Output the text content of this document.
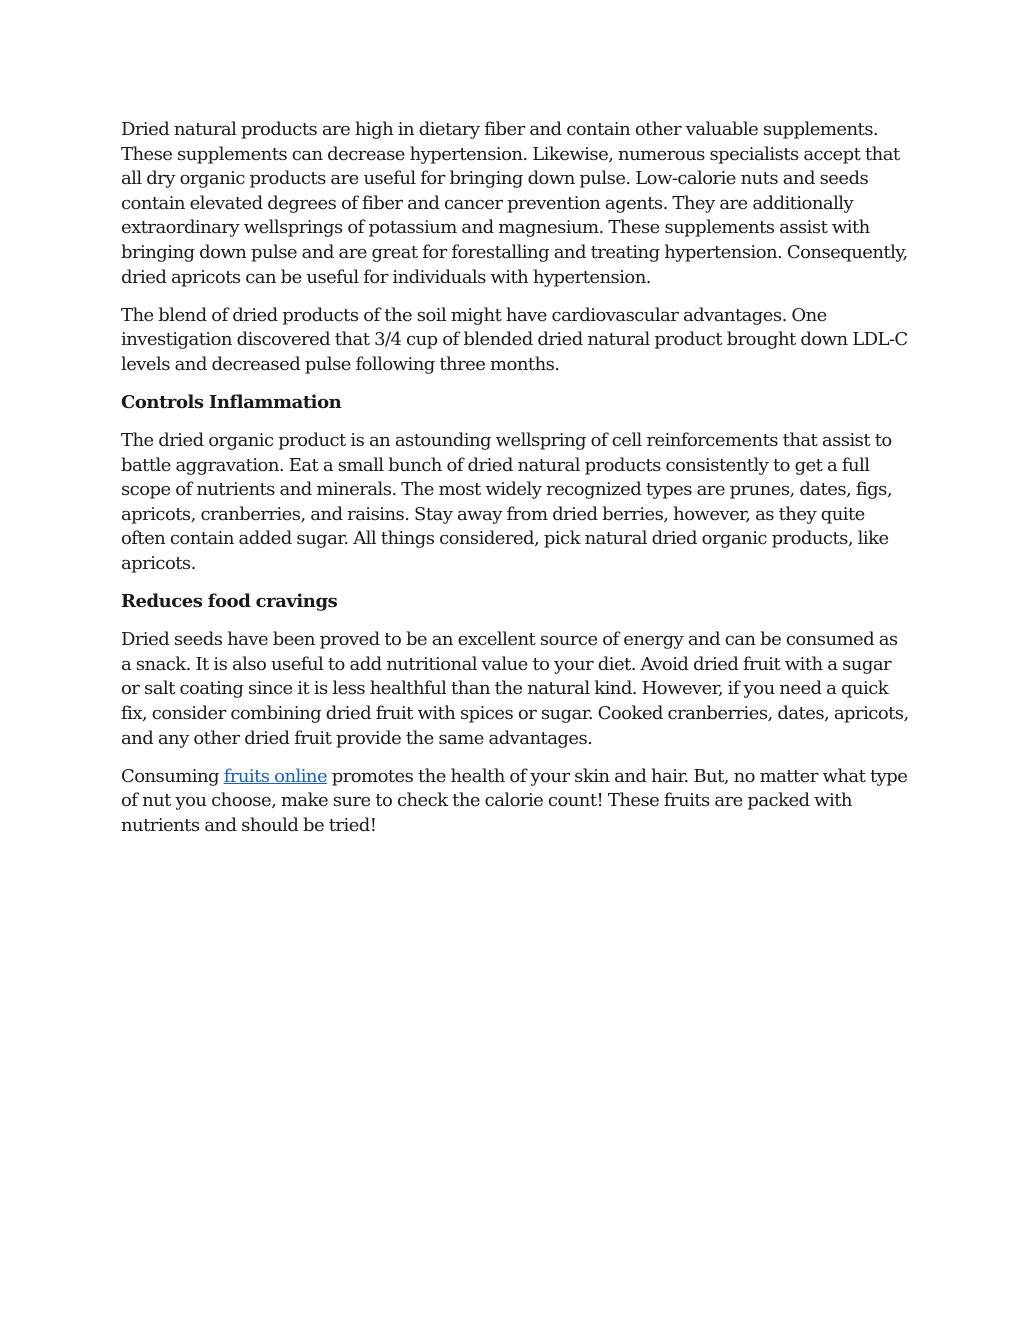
Dried natural products are high in dietary fiber and contain other valuable supplements. These supplements can decrease hypertension. Likewise, numerous specialists accept that all dry organic products are useful for bringing down pulse. Low-calorie nuts and seeds contain elevated degrees of fiber and cancer prevention agents. They are additionally extraordinary wellsprings of potassium and magnesium. These supplements assist with bringing down pulse and are great for forestalling and treating hypertension. Consequently, dried apricots can be useful for individuals with hypertension.

The blend of dried products of the soil might have cardiovascular advantages. One investigation discovered that 3/4 cup of blended dried natural product brought down LDL-C levels and decreased pulse following three months.

Controls Inflammation

The dried organic product is an astounding wellspring of cell reinforcements that assist to battle aggravation. Eat a small bunch of dried natural products consistently to get a full scope of nutrients and minerals. The most widely recognized types are prunes, dates, figs, apricots, cranberries, and raisins. Stay away from dried berries, however, as they quite often contain added sugar. All things considered, pick natural dried organic products, like apricots.

Reduces food cravings

Dried seeds have been proved to be an excellent source of energy and can be consumed as a snack. It is also useful to add nutritional value to your diet. Avoid dried fruit with a sugar or salt coating since it is less healthful than the natural kind. However, if you need a quick fix, consider combining dried fruit with spices or sugar. Cooked cranberries, dates, apricots, and any other dried fruit provide the same advantages.

Consuming fruits online promotes the health of your skin and hair. But, no matter what type of nut you choose, make sure to check the calorie count! These fruits are packed with nutrients and should be tried!
